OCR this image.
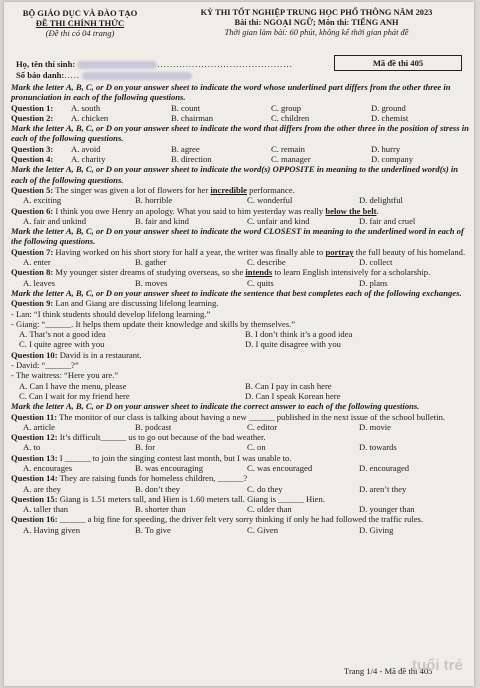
BỘ GIÁO DỤC VÀ ĐÀO TẠO
ĐỀ THI CHÍNH THỨC
(Đề thi có 04 trang)
KỲ THI TỐT NGHIỆP TRUNG HỌC PHỔ THÔNG NĂM 2023
Bài thi: NGOẠI NGỮ; Môn thi: TIẾNG ANH
Thời gian làm bài: 60 phút, không kể thời gian phát đề
Họ, tên thí sinh:	...........................................
Số báo danh:.....
Mã đề thi 405

Mark the letter A, B, C, or D on your answer sheet to indicate the word whose underlined part differs from the other three in pronunciation in each of the following questions.

Question 1:	A. south	B. count	C. group	D. ground
Question 2:	A. chicken	B. chairman	C. children	D. chemist

Mark the letter A, B, C, or D on your answer sheet to indicate the word that differs from the other three in the position of stress in each of the following questions.

Question 3:	A. avoid	B. agree	C. remain	D. hurry
Question 4:	A. charity	B. direction	C. manager	D. company

Mark the letter A, B, C, or D on your answer sheet to indicate the word(s) OPPOSITE in meaning to the underlined word(s) in each of the following questions.

Question 5: The singer was given a lot of flowers for her incredible performance.

A. exciting	B. horrible	C. wonderful	D. delightful

Question 6: I think you owe Henry an apology. What you said to him yesterday was really below the belt.

A. fair and unkind	B. fair and kind	C. unfair and kind	D. fair and cruel

Mark the letter A, B, C, or D on your answer sheet to indicate the word CLOSEST in meaning to the underlined word in each of the following questions.

Question 7: Having worked on his short story for half a year, the writer was finally able to portray the full beauty of his homeland.

A. enter	B. gather	C. describe	D. collect

Question 8: My younger sister dreams of studying overseas, so she intends to learn English intensively for a scholarship.

A. leaves	B. moves	C. quits	D. plans

Mark the letter A, B, C, or D on your answer sheet to indicate the sentence that best completes each of the following exchanges.

Question 9: Lan and Giang are discussing lifelong learning.

- Lan: “I think students should develop lifelong learning.”

- Giang: “______. It helps them update their knowledge and skills by themselves.”

A. That’s not a good idea	B. I don’t think it’s a good idea
C. I quite agree with you	D. I quite disagree with you

Question 10: David is in a restaurant.

- David: “______?”

- The waitress: “Here you are.”

A. Can I have the menu, please	B. Can I pay in cash here
C. Can I wait for my friend here	D. Can I speak Korean here

Mark the letter A, B, C, or D on your answer sheet to indicate the correct answer to each of the following questions.

Question 11: The monitor of our class is talking about having a new ______ published in the next issue of the school bulletin.

A. article	B. podcast	C. editor	D. movie

Question 12: It’s difficult______ us to go out because of the bad weather.

A. to	B. for	C. on	D. towards

Question 13: I ______ to join the singing contest last month, but I was unable to.

A. encourages	B. was encouraging	C. was encouraged	D. encouraged

Question 14: They are raising funds for homeless children, ______?

A. are they	B. don’t they	C. do they	D. aren’t they

Question 15: Giang is 1.51 meters tall, and Hien is 1.60 meters tall. Giang is ______ Hien.

A. taller than	B. shorter than	C. older than	D. younger than

Question 16: ______ a big fine for speeding, the driver felt very sorry thinking if only he had followed the traffic rules.

A. Having given	B. To give	C. Given	D. Giving
Trang 1/4 - Mã đề thi 405
tuổi trẻ
